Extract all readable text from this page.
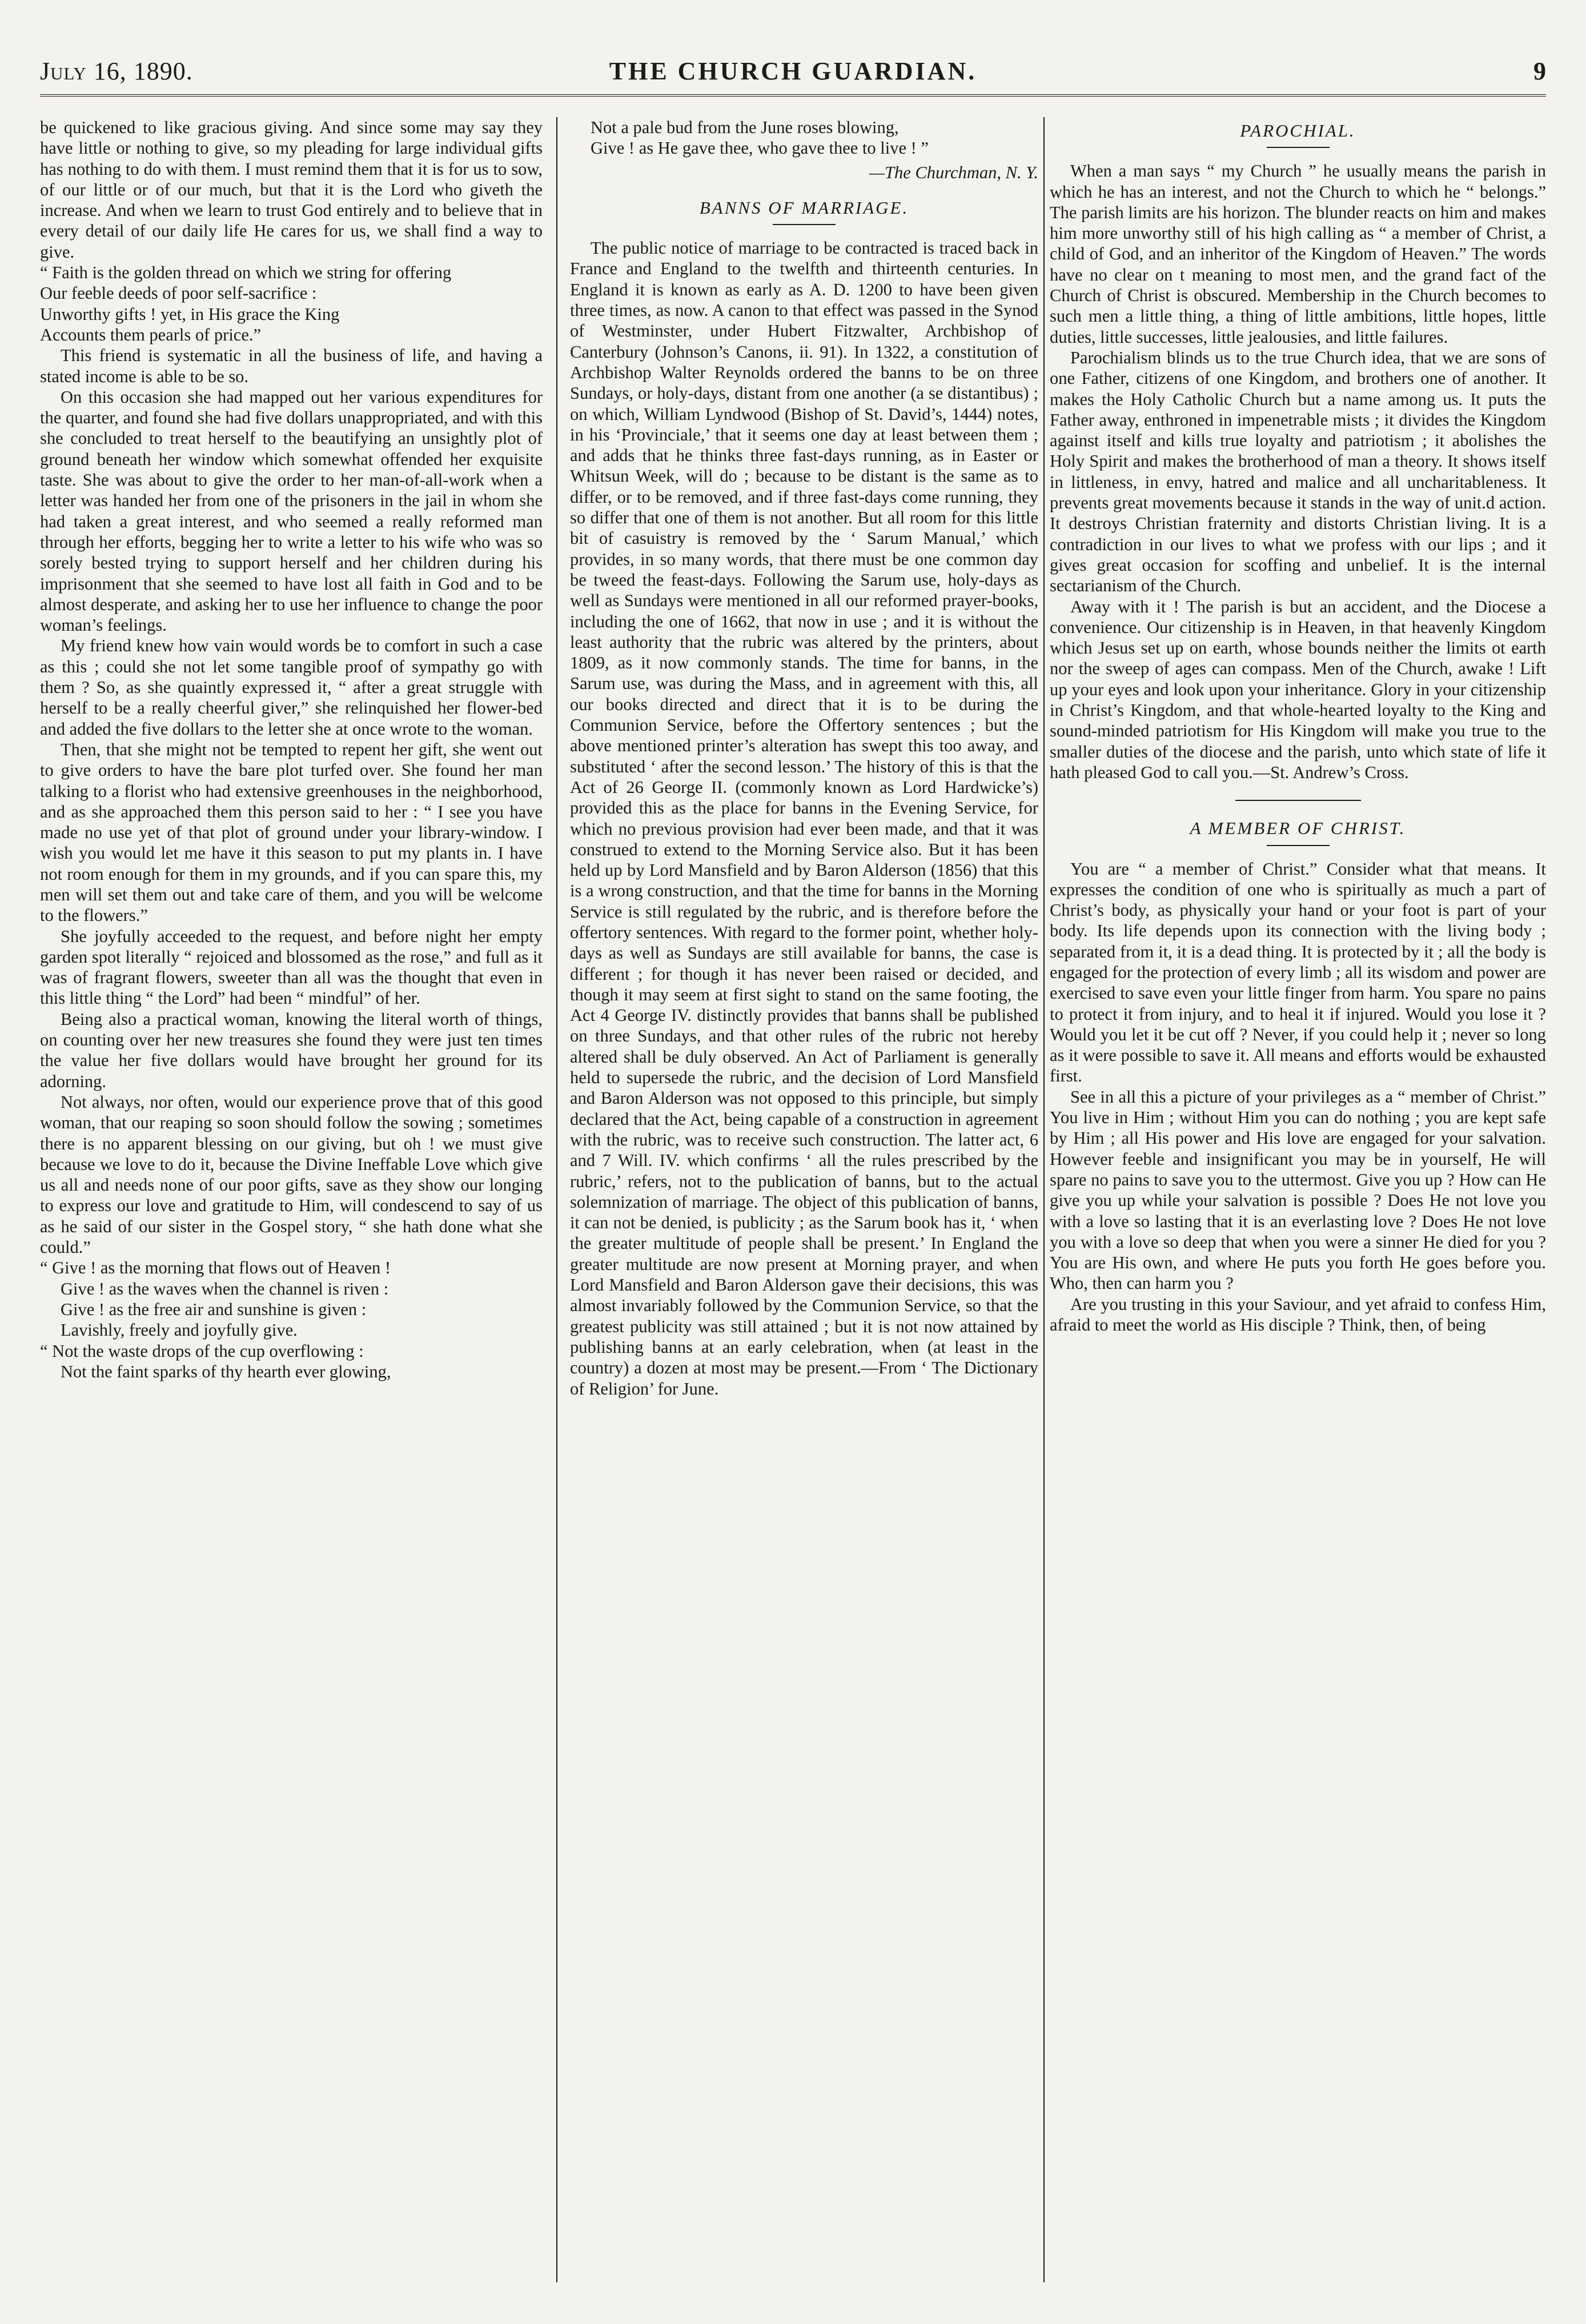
July 16, 1890.	THE CHURCH GUARDIAN.	9

be quickened to like gracious giving. And since some may say they have little or nothing to give, so my pleading for large individual gifts has nothing to do with them. I must remind them that it is for us to sow, of our little or of our much, but that it is the Lord who giveth the increase. And when we learn to trust God entirely and to believe that in every detail of our daily life He cares for us, we shall find a way to give.

“ Faith is the golden thread on which we string for offering

Our feeble deeds of poor self-sacrifice :

Unworthy gifts ! yet, in His grace the King

Accounts them pearls of price.”

This friend is systematic in all the business of life, and having a stated income is able to be so.

On this occasion she had mapped out her various expenditures for the quarter, and found she had five dollars unappropriated, and with this she concluded to treat herself to the beautifying an unsightly plot of ground beneath her window which somewhat offended her exquisite taste. She was about to give the order to her man-of-all-work when a letter was handed her from one of the prisoners in the jail in whom she had taken a great interest, and who seemed a really reformed man through her efforts, begging her to write a letter to his wife who was so sorely bested trying to support herself and her children during his imprisonment that she seemed to have lost all faith in God and to be almost desperate, and asking her to use her influence to change the poor woman’s feelings.

My friend knew how vain would words be to comfort in such a case as this ; could she not let some tangible proof of sympathy go with them ? So, as she quaintly expressed it, “ after a great struggle with herself to be a really cheerful giver,” she relinquished her flower-bed and added the five dollars to the letter she at once wrote to the woman.

Then, that she might not be tempted to repent her gift, she went out to give orders to have the bare plot turfed over. She found her man talking to a florist who had extensive greenhouses in the neighborhood, and as she approached them this person said to her : “ I see you have made no use yet of that plot of ground under your library-window. I wish you would let me have it this season to put my plants in. I have not room enough for them in my grounds, and if you can spare this, my men will set them out and take care of them, and you will be welcome to the flowers.”

She joyfully acceeded to the request, and before night her empty garden spot literally “ rejoiced and blossomed as the rose,” and full as it was of fragrant flowers, sweeter than all was the thought that even in this little thing “ the Lord” had been “ mindful” of her.

Being also a practical woman, knowing the literal worth of things, on counting over her new treasures she found they were just ten times the value her five dollars would have brought her ground for its adorning.

Not always, nor often, would our experience prove that of this good woman, that our reaping so soon should follow the sowing ; sometimes there is no apparent blessing on our giving, but oh ! we must give because we love to do it, because the Divine Ineffable Love which give us all and needs none of our poor gifts, save as they show our longing to express our love and gratitude to Him, will condescend to say of us as he said of our sister in the Gospel story, “ she hath done what she could.”

“ Give ! as the morning that flows out of Heaven !

Give ! as the waves when the channel is riven :

Give ! as the free air and sunshine is given :

Lavishly, freely and joyfully give.

“ Not the waste drops of the cup overflowing :

Not the faint sparks of thy hearth ever glowing,

Not a pale bud from the June roses blowing,

Give ! as He gave thee, who gave thee to live ! ”

—The Churchman, N. Y.

BANNS OF MARRIAGE.

The public notice of marriage to be contracted is traced back in France and England to the twelfth and thirteenth centuries. In England it is known as early as A. D. 1200 to have been given three times, as now. A canon to that effect was passed in the Synod of Westminster, under Hubert Fitzwalter, Archbishop of Canterbury (Johnson’s Canons, ii. 91). In 1322, a constitution of Archbishop Walter Reynolds ordered the banns to be on three Sundays, or holy-days, distant from one another (a se distantibus) ; on which, William Lyndwood (Bishop of St. David’s, 1444) notes, in his ‘Provinciale,’ that it seems one day at least between them ; and adds that he thinks three fast-days running, as in Easter or Whitsun Week, will do ; because to be distant is the same as to differ, or to be removed, and if three fast-days come running, they so differ that one of them is not another. But all room for this little bit of casuistry is removed by the ‘ Sarum Manual,’ which provides, in so many words, that there must be one common day be tweed the feast-days. Following the Sarum use, holy-days as well as Sundays were mentioned in all our reformed prayer-books, including the one of 1662, that now in use ; and it is without the least authority that the rubric was altered by the printers, about 1809, as it now commonly stands. The time for banns, in the Sarum use, was during the Mass, and in agreement with this, all our books directed and direct that it is to be during the Communion Service, before the Offertory sentences ; but the above mentioned printer’s alteration has swept this too away, and substituted ‘ after the second lesson.’ The history of this is that the Act of 26 George II. (commonly known as Lord Hardwicke’s) provided this as the place for banns in the Evening Service, for which no previous provision had ever been made, and that it was construed to extend to the Morning Service also. But it has been held up by Lord Mansfield and by Baron Alderson (1856) that this is a wrong construction, and that the time for banns in the Morning Service is still regulated by the rubric, and is therefore before the offertory sentences. With regard to the former point, whether holy-days as well as Sundays are still available for banns, the case is different ; for though it has never been raised or decided, and though it may seem at first sight to stand on the same footing, the Act 4 George IV. distinctly provides that banns shall be published on three Sundays, and that other rules of the rubric not hereby altered shall be duly observed. An Act of Parliament is generally held to supersede the rubric, and the decision of Lord Mansfield and Baron Alderson was not opposed to this principle, but simply declared that the Act, being capable of a construction in agreement with the rubric, was to receive such construction. The latter act, 6 and 7 Will. IV. which confirms ‘ all the rules prescribed by the rubric,’ refers, not to the publication of banns, but to the actual solemnization of marriage. The object of this publication of banns, it can not be denied, is publicity ; as the Sarum book has it, ‘ when the greater multitude of people shall be present.’ In England the greater multitude are now present at Morning prayer, and when Lord Mansfield and Baron Alderson gave their decisions, this was almost invariably followed by the Communion Service, so that the greatest publicity was still attained ; but it is not now attained by publishing banns at an early celebration, when (at least in the country) a dozen at most may be present.—From ‘ The Dictionary of Religion’ for June.

PAROCHIAL.

When a man says “ my Church ” he usually means the parish in which he has an interest, and not the Church to which he “ belongs.” The parish limits are his horizon. The blunder reacts on him and makes him more unworthy still of his high calling as “ a member of Christ, a child of God, and an inheritor of the Kingdom of Heaven.” The words have no clear on t meaning to most men, and the grand fact of the Church of Christ is obscured. Membership in the Church becomes to such men a little thing, a thing of little ambitions, little hopes, little duties, little successes, little jealousies, and little failures.

Parochialism blinds us to the true Church idea, that we are sons of one Father, citizens of one Kingdom, and brothers one of another. It makes the Holy Catholic Church but a name among us. It puts the Father away, enthroned in impenetrable mists ; it divides the Kingdom against itself and kills true loyalty and patriotism ; it abolishes the Holy Spirit and makes the brotherhood of man a theory. It shows itself in littleness, in envy, hatred and malice and all uncharitableness. It prevents great movements because it stands in the way of unit.d action. It destroys Christian fraternity and distorts Christian living. It is a contradiction in our lives to what we profess with our lips ; and it gives great occasion for scoffing and unbelief. It is the internal sectarianism of the Church.

Away with it ! The parish is but an accident, and the Diocese a convenience. Our citizenship is in Heaven, in that heavenly Kingdom which Jesus set up on earth, whose bounds neither the limits ot earth nor the sweep of ages can compass. Men of the Church, awake ! Lift up your eyes and look upon your inheritance. Glory in your citizenship in Christ’s Kingdom, and that whole-hearted loyalty to the King and sound-minded patriotism for His Kingdom will make you true to the smaller duties of the diocese and the parish, unto which state of life it hath pleased God to call you.—St. Andrew’s Cross.

A MEMBER OF CHRIST.

You are “ a member of Christ.” Consider what that means. It expresses the condition of one who is spiritually as much a part of Christ’s body, as physically your hand or your foot is part of your body. Its life depends upon its connection with the living body ; separated from it, it is a dead thing. It is protected by it ; all the body is engaged for the protection of every limb ; all its wisdom and power are exercised to save even your little finger from harm. You spare no pains to protect it from injury, and to heal it if injured. Would you lose it ? Would you let it be cut off ? Never, if you could help it ; never so long as it were possible to save it. All means and efforts would be exhausted first.

See in all this a picture of your privileges as a “ member of Christ.” You live in Him ; without Him you can do nothing ; you are kept safe by Him ; all His power and His love are engaged for your salvation. However feeble and insignificant you may be in yourself, He will spare no pains to save you to the uttermost. Give you up ? How can He give you up while your salvation is possible ? Does He not love you with a love so lasting that it is an everlasting love ? Does He not love you with a love so deep that when you were a sinner He died for you ? You are His own, and where He puts you forth He goes before you. Who, then can harm you ?

Are you trusting in this your Saviour, and yet afraid to confess Him, afraid to meet the world as His disciple ? Think, then, of being
